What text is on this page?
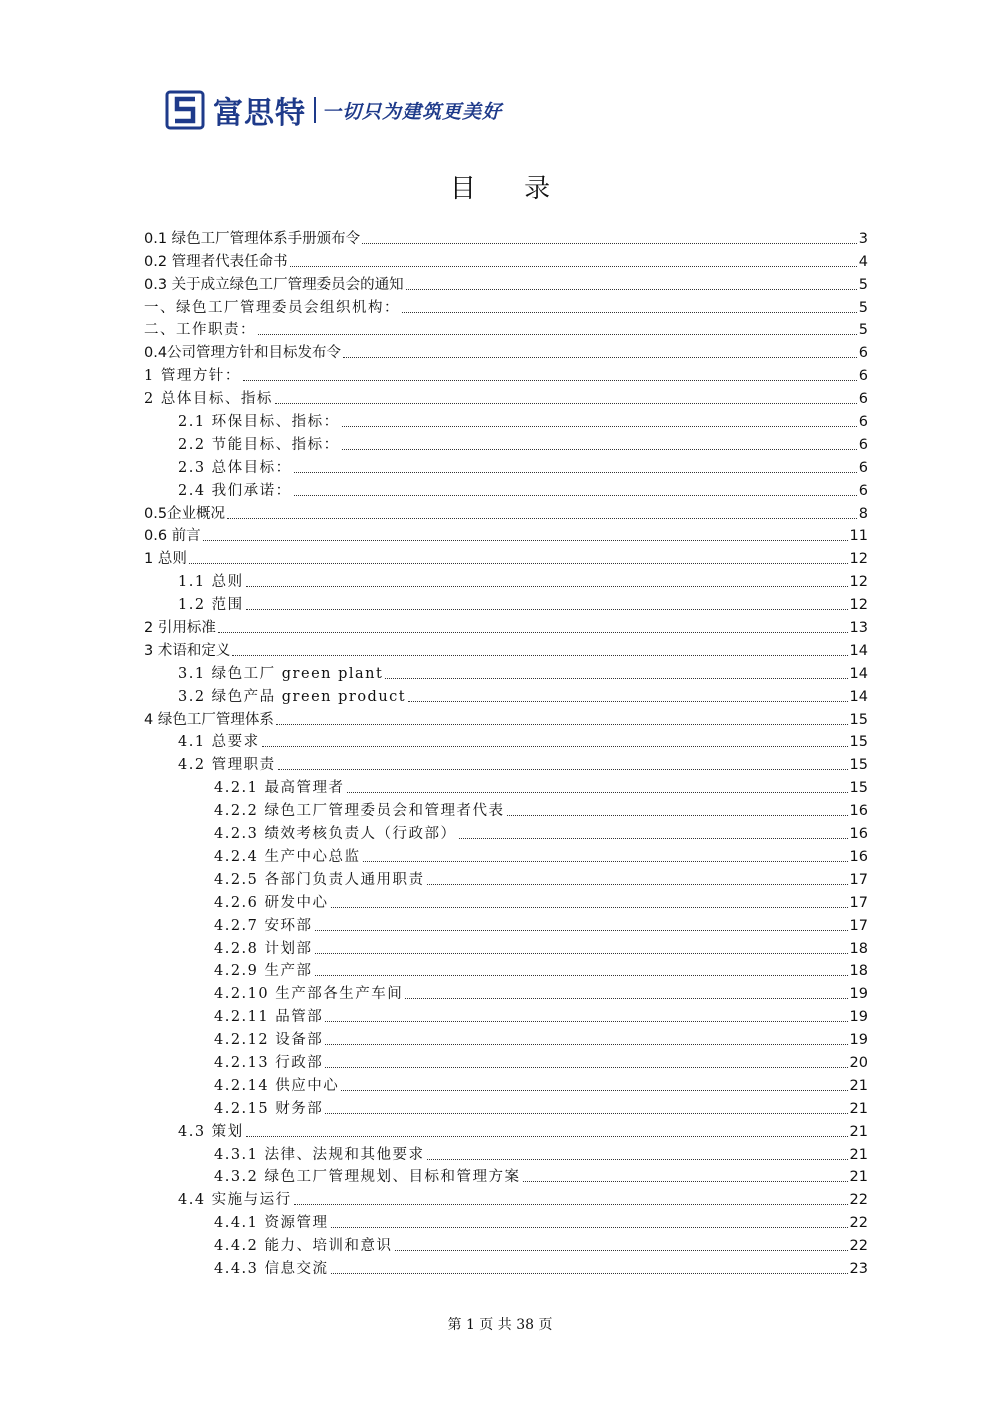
富思特 一切只为建筑更美好
目 录
0.1 绿色工厂管理体系手册颁布令	3
0.2 管理者代表任命书	4
0.3 关于成立绿色工厂管理委员会的通知	5
一、绿色工厂管理委员会组织机构：	5
二、工作职责：	5
0.4公司管理方针和目标发布令	6
1 管理方针：	6
2 总体目标、指标	6
2.1 环保目标、指标：	6
2.2 节能目标、指标：	6
2.3 总体目标：	6
2.4 我们承诺：	6
0.5企业概况	8
0.6 前言	11
1 总则	12
1.1 总则	12
1.2 范围	12
2 引用标准	13
3 术语和定义	14
3.1 绿色工厂 green plant	14
3.2 绿色产品 green product	14
4 绿色工厂管理体系	15
4.1 总要求	15
4.2 管理职责	15
4.2.1 最高管理者	15
4.2.2 绿色工厂管理委员会和管理者代表	16
4.2.3 绩效考核负责人（行政部）	16
4.2.4 生产中心总监	16
4.2.5 各部门负责人通用职责	17
4.2.6 研发中心	17
4.2.7 安环部	17
4.2.8 计划部	18
4.2.9 生产部	18
4.2.10 生产部各生产车间	19
4.2.11 品管部	19
4.2.12 设备部	19
4.2.13 行政部	20
4.2.14 供应中心	21
4.2.15 财务部	21
4.3 策划	21
4.3.1 法律、法规和其他要求	21
4.3.2 绿色工厂管理规划、目标和管理方案	21
4.4 实施与运行	22
4.4.1 资源管理	22
4.4.2 能力、培训和意识	22
4.4.3 信息交流	23
第 1 页 共 38 页
